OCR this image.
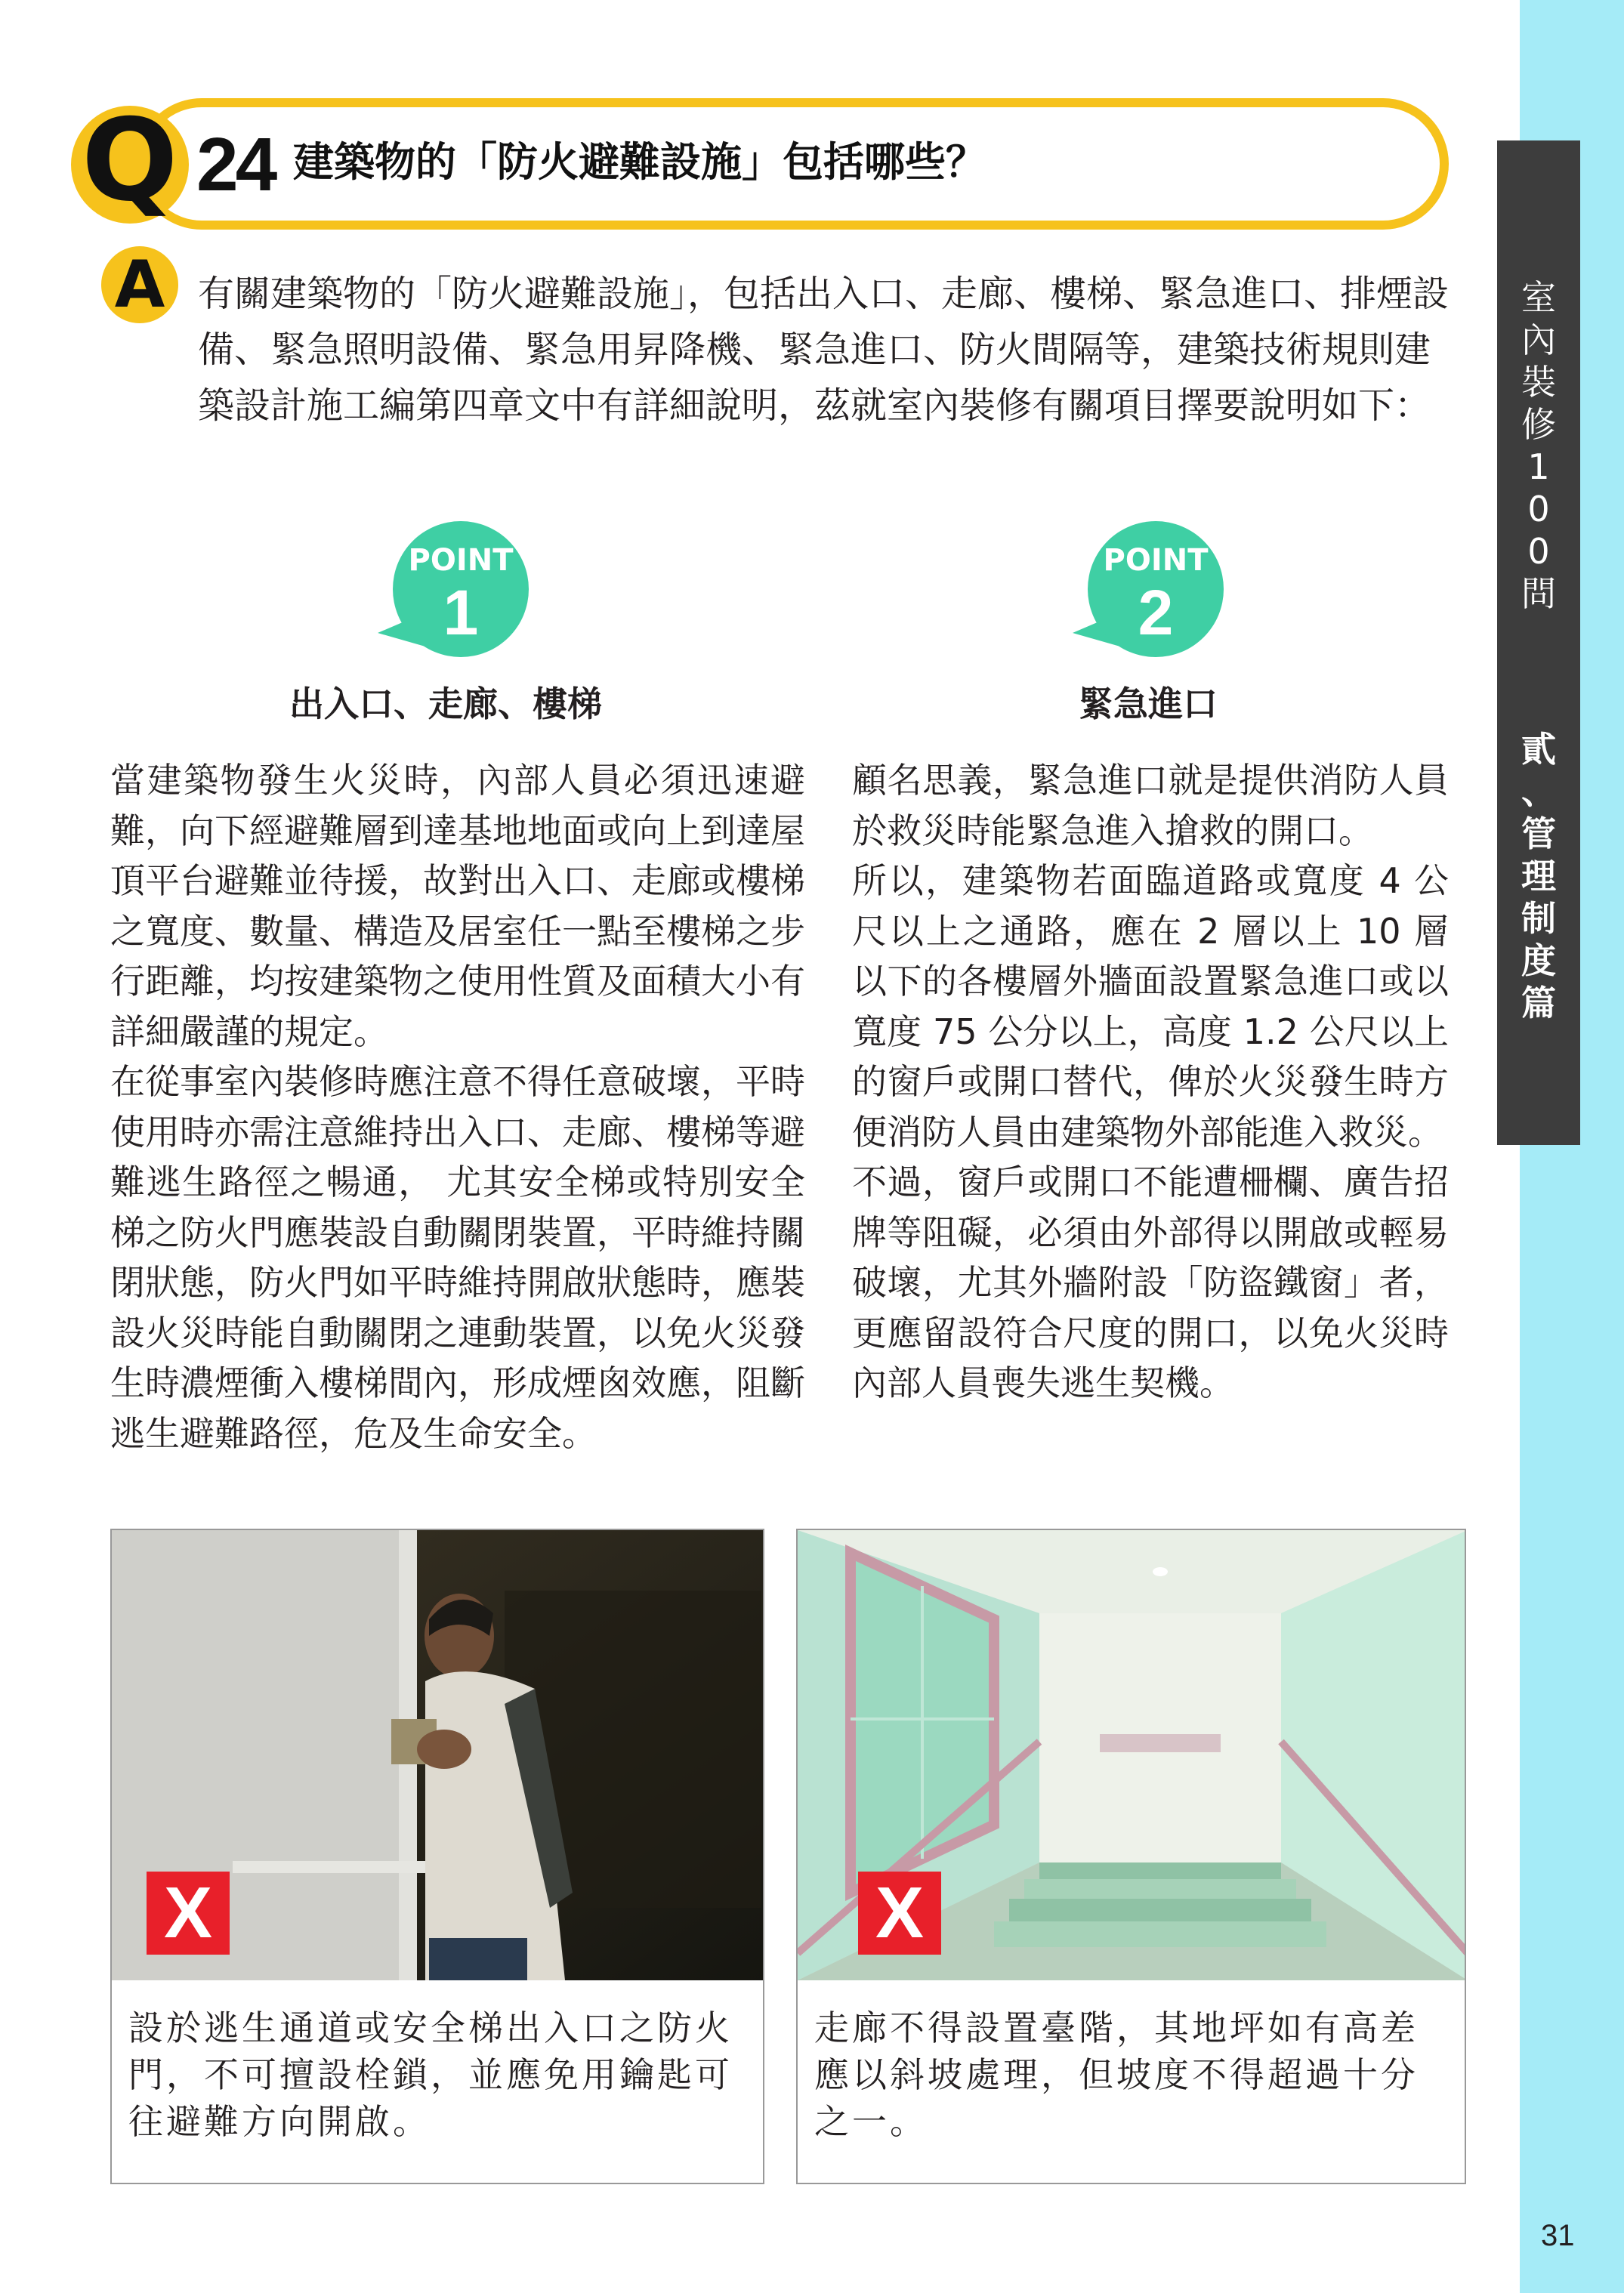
室
內
裝
修
1
0
0
問
貳
、
管
理
制
度
篇
Q 24 建築物的「防火避難設施」包括哪些？
A 有關建築物的「防火避難設施」，包括出入口、走廊、樓梯、緊急進口、排煙設備、緊急照明設備、緊急用昇降機、緊急進口、防火間隔等，建築技術規則建築設計施工編第四章文中有詳細說明，茲就室內裝修有關項目擇要說明如下：

POINT
1
出入口、走廊、樓梯
POINT
2
緊急進口

當建築物發生火災時，內部人員必須迅速避難，向下經避難層到達基地地面或向上到達屋頂平台避難並待援，故對出入口、走廊或樓梯之寬度、數量、構造及居室任一點至樓梯之步行距離，均按建築物之使用性質及面積大小有詳細嚴謹的規定。

在從事室內裝修時應注意不得任意破壞，平時使用時亦需注意維持出入口、走廊、樓梯等避難逃生路徑之暢通， 尤其安全梯或特別安全梯之防火門應裝設自動關閉裝置，平時維持關閉狀態，防火門如平時維持開啟狀態時，應裝設火災時能自動關閉之連動裝置，以免火災發生時濃煙衝入樓梯間內，形成煙囪效應，阻斷逃生避難路徑，危及生命安全。

顧名思義，緊急進口就是提供消防人員於救災時能緊急進入搶救的開口。

所以，建築物若面臨道路或寬度 4 公尺以上之通路，應在 2 層以上 10 層以下的各樓層外牆面設置緊急進口或以寬度 75 公分以上，高度 1.2 公尺以上的窗戶或開口替代，俾於火災發生時方便消防人員由建築物外部能進入救災。

不過，窗戶或開口不能遭柵欄、廣告招牌等阻礙，必須由外部得以開啟或輕易破壞，尤其外牆附設「防盜鐵窗」者，更應留設符合尺度的開口，以免火災時內部人員喪失逃生契機。

X
設於逃生通道或安全梯出入口之防火門，不可擅設栓鎖，並應免用鑰匙可往避難方向開啟。
X
走廊不得設置臺階，其地坪如有高差應以斜坡處理，但坡度不得超過十分之一。
31
